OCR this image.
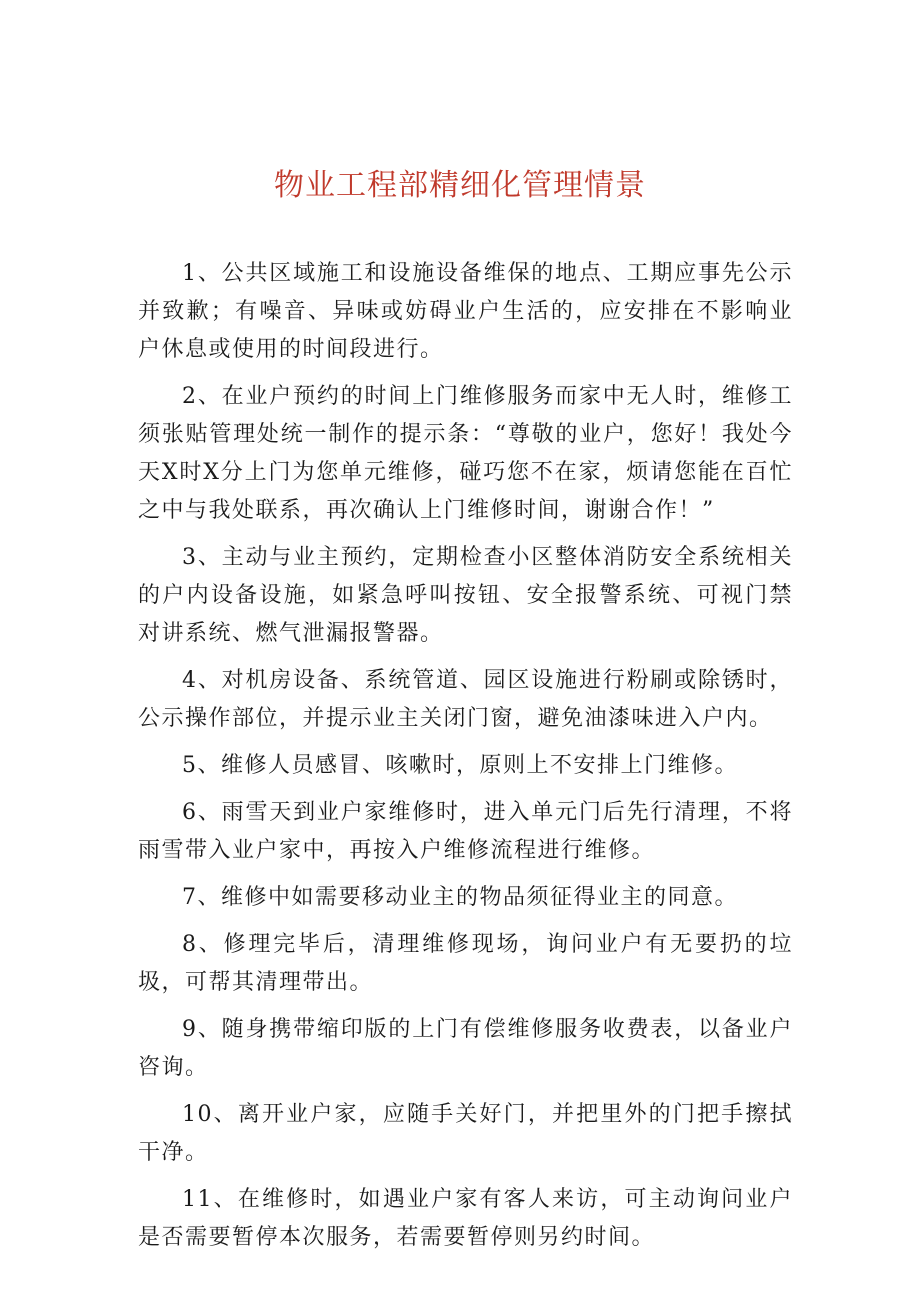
物业工程部精细化管理情景

1、公共区域施工和设施设备维保的地点、工期应事先公示并致歉；有噪音、异味或妨碍业户生活的，应安排在不影响业户休息或使用的时间段进行。

2、在业户预约的时间上门维修服务而家中无人时，维修工须张贴管理处统一制作的提示条：“尊敬的业户，您好！我处今天X时X分上门为您单元维修，碰巧您不在家，烦请您能在百忙之中与我处联系，再次确认上门维修时间，谢谢合作！”

3、主动与业主预约，定期检查小区整体消防安全系统相关的户内设备设施，如紧急呼叫按钮、安全报警系统、可视门禁对讲系统、燃气泄漏报警器。

4、对机房设备、系统管道、园区设施进行粉刷或除锈时，公示操作部位，并提示业主关闭门窗，避免油漆味进入户内。

5、维修人员感冒、咳嗽时，原则上不安排上门维修。

6、雨雪天到业户家维修时，进入单元门后先行清理，不将雨雪带入业户家中，再按入户维修流程进行维修。

7、维修中如需要移动业主的物品须征得业主的同意。

8、修理完毕后，清理维修现场，询问业户有无要扔的垃圾，可帮其清理带出。

9、随身携带缩印版的上门有偿维修服务收费表，以备业户咨询。

10、离开业户家，应随手关好门，并把里外的门把手擦拭干净。

11、在维修时，如遇业户家有客人来访，可主动询问业户是否需要暂停本次服务，若需要暂停则另约时间。
